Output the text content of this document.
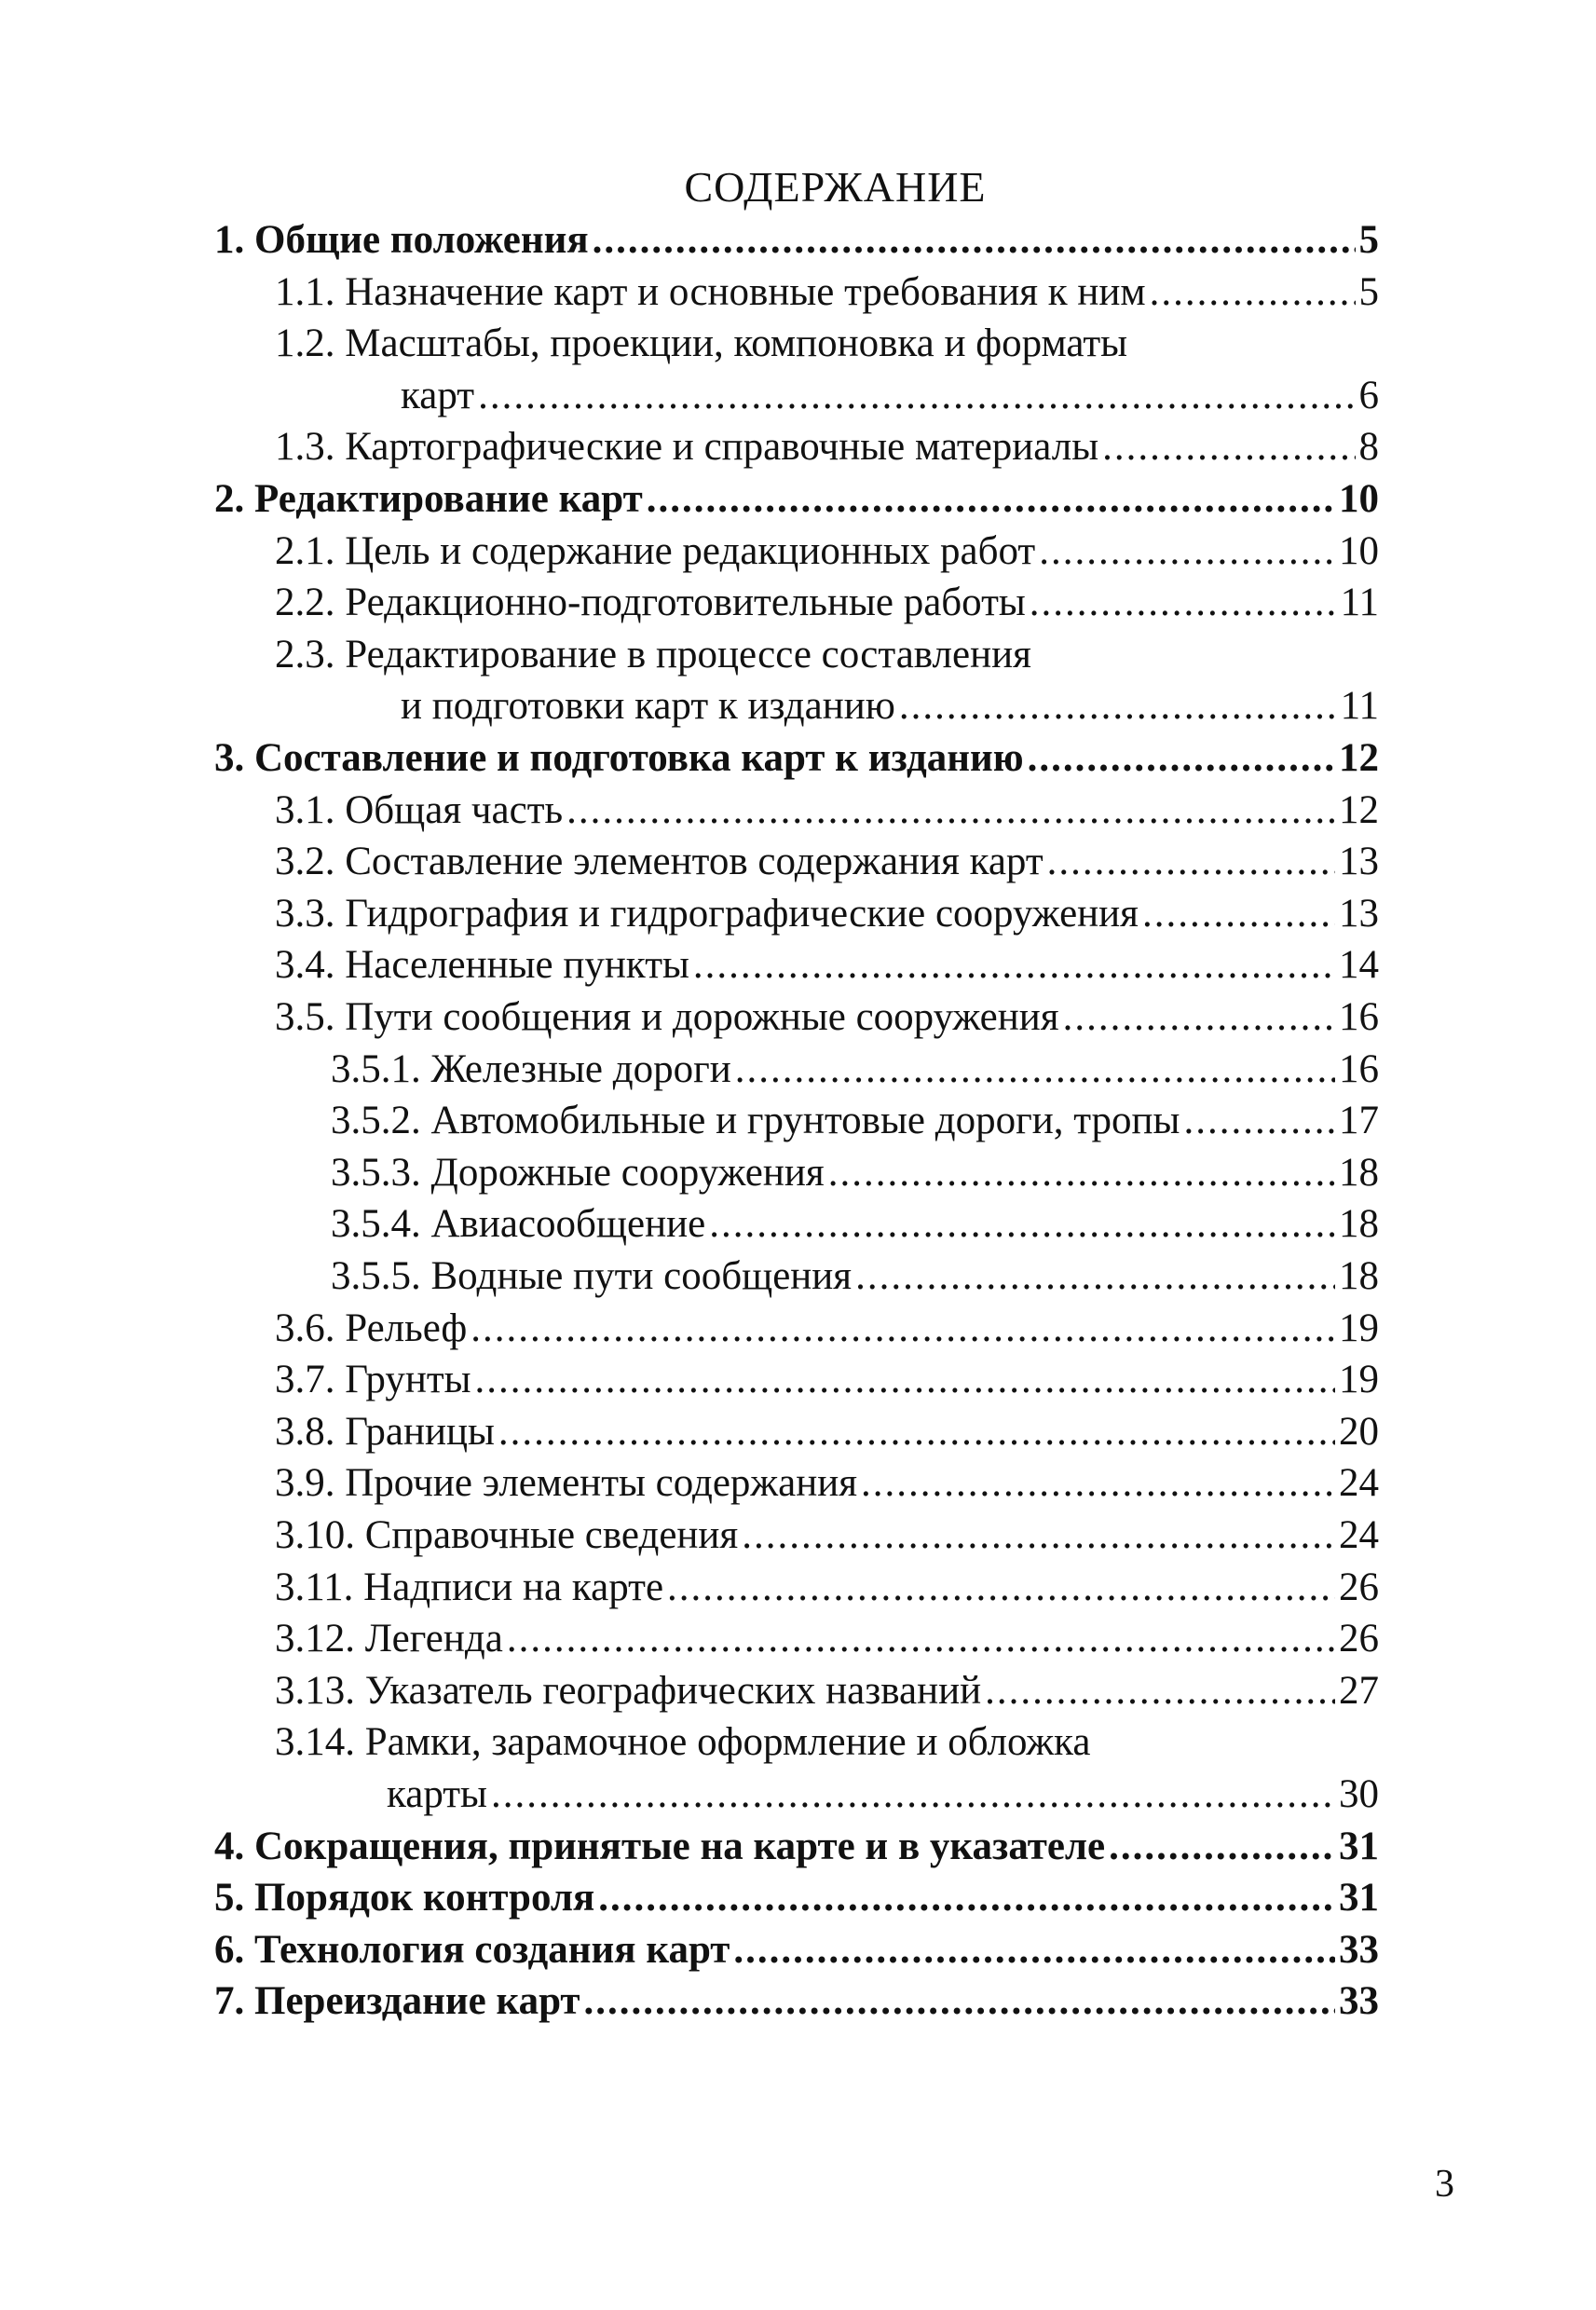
СОДЕРЖАНИЕ
1. Общие положения .....	5
1.1. Назначение карт и основные требования к ним .....	5
1.2. Масштабы, проекции, компоновка и форматы
карт .....	6
1.3. Картографические и справочные материалы .....	8
2. Редактирование карт .....	10
2.1. Цель и содержание редакционных работ .....	10
2.2. Редакционно-подготовительные работы .....	11
2.3. Редактирование в процессе составления
и подготовки карт к изданию .....	11
3. Составление и подготовка карт к изданию .....	12
3.1. Общая часть .....	12
3.2. Составление элементов содержания карт .....	13
3.3. Гидрография и гидрографические сооружения .....	13
3.4. Населенные пункты .....	14
3.5. Пути сообщения и дорожные сооружения .....	16
3.5.1. Железные дороги .....	16
3.5.2. Автомобильные и грунтовые дороги, тропы .....	17
3.5.3. Дорожные сооружения .....	18
3.5.4. Авиасообщение .....	18
3.5.5. Водные пути сообщения .....	18
3.6. Рельеф .....	19
3.7. Грунты .....	19
3.8. Границы .....	20
3.9. Прочие элементы содержания .....	24
3.10. Справочные сведения .....	24
3.11. Надписи на карте .....	26
3.12. Легенда .....	26
3.13. Указатель географических названий .....	27
3.14. Рамки, зарамочное оформление и обложка
карты .....	30
4. Сокращения, принятые на карте и в указателе .....	31
5. Порядок контроля .....	31
6. Технология создания карт .....	33
7. Переиздание карт .....	33
3
